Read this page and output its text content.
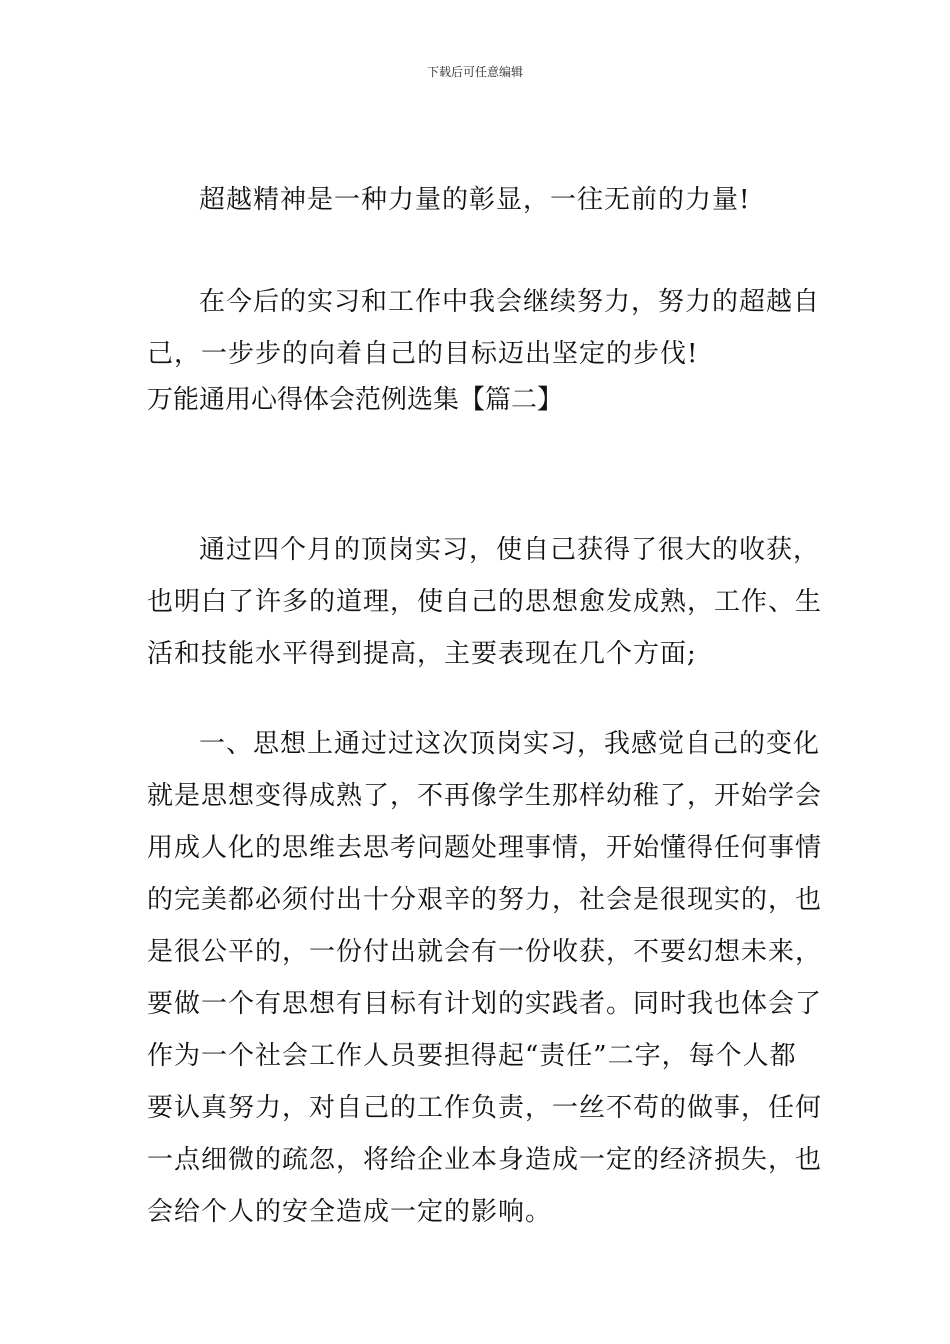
下载后可任意编辑
超越精神是一种力量的彰显，一往无前的力量!
在今后的实习和工作中我会继续努力，努力的超越自
己，一步步的向着自己的目标迈出坚定的步伐!
万能通用心得体会范例选集【篇二】
通过四个月的顶岗实习，使自己获得了很大的收获，
也明白了许多的道理，使自己的思想愈发成熟，工作、生
活和技能水平得到提高，主要表现在几个方面;
一、思想上通过过这次顶岗实习，我感觉自己的变化
就是思想变得成熟了，不再像学生那样幼稚了，开始学会
用成人化的思维去思考问题处理事情，开始懂得任何事情
的完美都必须付出十分艰辛的努力，社会是很现实的，也
是很公平的，一份付出就会有一份收获，不要幻想未来，
要做一个有思想有目标有计划的实践者。同时我也体会了
作为一个社会工作人员要担得起“责任”二字，每个人都
要认真努力，对自己的工作负责，一丝不苟的做事，任何
一点细微的疏忽，将给企业本身造成一定的经济损失，也
会给个人的安全造成一定的影响。
